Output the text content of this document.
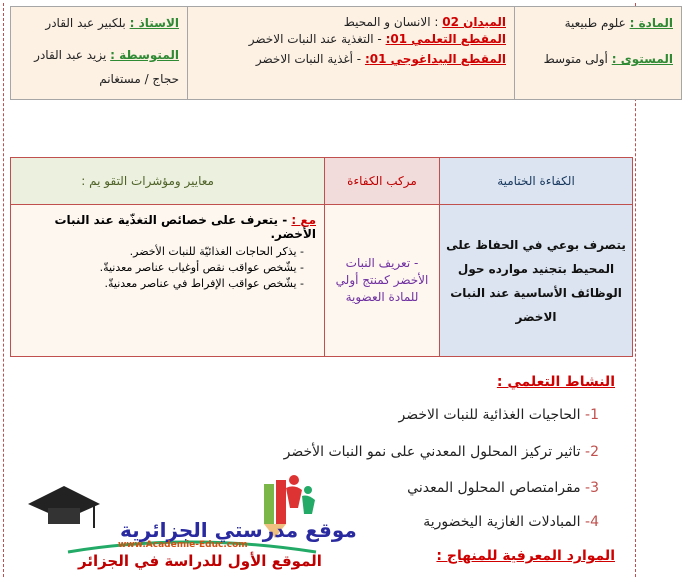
المادة : علوم طبيعية
المستوى : أولى متوسط

الميدان 02 : الانسان و المحيط
المقطع التعلمي 01: - التغذية عند النبات الاخضر
المقطع البيداغوجي 01: - أغذية النبات الاخضر

الاستاذ : بلكبير عبد القادر
المتوسطة : يزيد عبد القادر
حجاج / مستغانم
الكفاءة الختامية	مركب الكفاءة	معايير ومؤشرات التقو يم :
يتصرف بوعي في الحفاظ على المحيط بتجنيد موارده حول الوظائف الأساسية عند النبات الاخضر	- تعريف النبات الأخضر كمنتج أولي للمادة العضوية	مع : - يتعرف على خصائص التغذّية عند النبات الأخضر.
- يذكر الحاجات الغذائيّة للنبات الأخضر.
- يشّخص عواقب نقص أوغياب عناصر معدنيةّ.
- يشّخص عواقب الإفراط في عناصر معدنيةّ.
النشاط التعلمي :
1- الحاجيات الغذائية للنبات الاخضر
2- تاثير تركيز المحلول المعدني على نمو النبات الأخضر
3- مقرامتصاص المحلول المعدني
4- المبادلات الغازية اليخضورية
الموارد المعرفية للمنهاج :
موقع مدرستي الجزائرية
www.Academie-Educ.com
الموقع الأول للدراسة في الجزائر
